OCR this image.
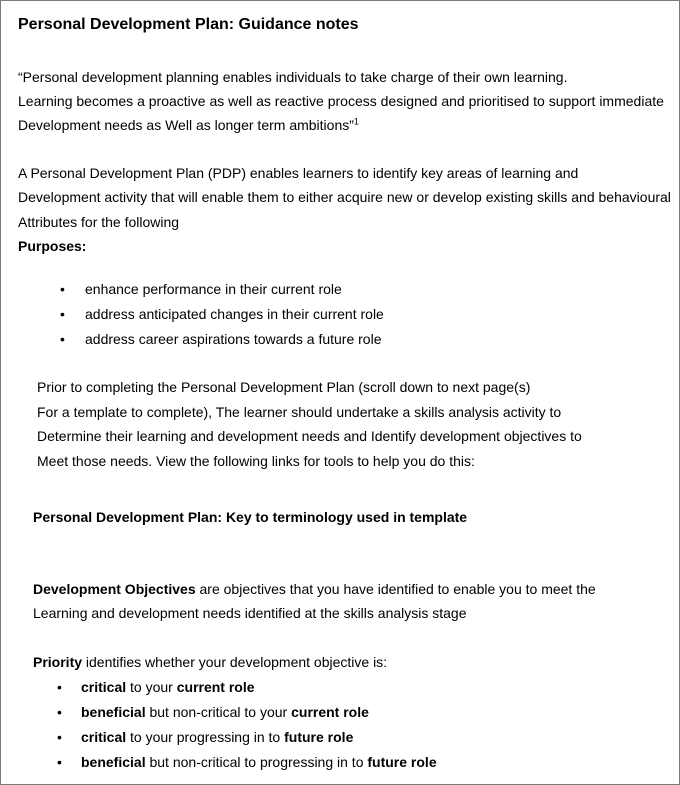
Personal Development Plan: Guidance notes
“Personal development planning enables individuals to take charge of their own learning.
Learning becomes a proactive as well as reactive process designed and prioritised to support immediate
Development needs as Well as longer term ambitions”$^1$
A Personal Development Plan (PDP) enables learners to identify key areas of learning and
Development activity that will enable them to either acquire new or develop existing skills and behavioural
Attributes for the following
Purposes:
• enhance performance in their current role
• address anticipated changes in their current role
• address career aspirations towards a future role
Prior to completing the Personal Development Plan (scroll down to next page(s)
For a template to complete), The learner should undertake a skills analysis activity to
Determine their learning and development needs and Identify development objectives to
Meet those needs. View the following links for tools to help you do this:
Personal Development Plan: Key to terminology used in template
Development Objectives are objectives that you have identified to enable you to meet the
Learning and development needs identified at the skills analysis stage
Priority identifies whether your development objective is:
• critical to your current role
• beneficial but non-critical to your current role
• critical to your progressing in to future role
• beneficial but non-critical to progressing in to future role
